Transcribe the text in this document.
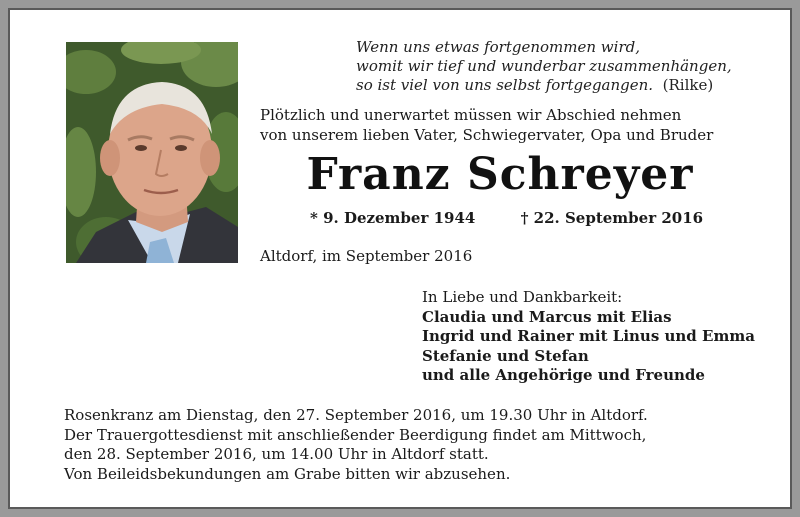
Wenn uns etwas fortgenommen wird,
womit wir tief und wunderbar zusammenhängen,
so ist viel von uns selbst fortgegangen. (Rilke)
Plötzlich und unerwartet müssen wir Abschied nehmen
von unserem lieben Vater, Schwiegervater, Opa und Bruder
Franz Schreyer
* 9. Dezember 1944	† 22. September 2016
Altdorf, im September 2016
In Liebe und Dankbarkeit:
Claudia und Marcus mit Elias
Ingrid und Rainer mit Linus und Emma
Stefanie und Stefan
und alle Angehörige und Freunde
Rosenkranz am Dienstag, den 27. September 2016, um 19.30 Uhr in Altdorf.
Der Trauergottesdienst mit anschließender Beerdigung findet am Mittwoch,
den 28. September 2016, um 14.00 Uhr in Altdorf statt.
Von Beileidsbekundungen am Grabe bitten wir abzusehen.
